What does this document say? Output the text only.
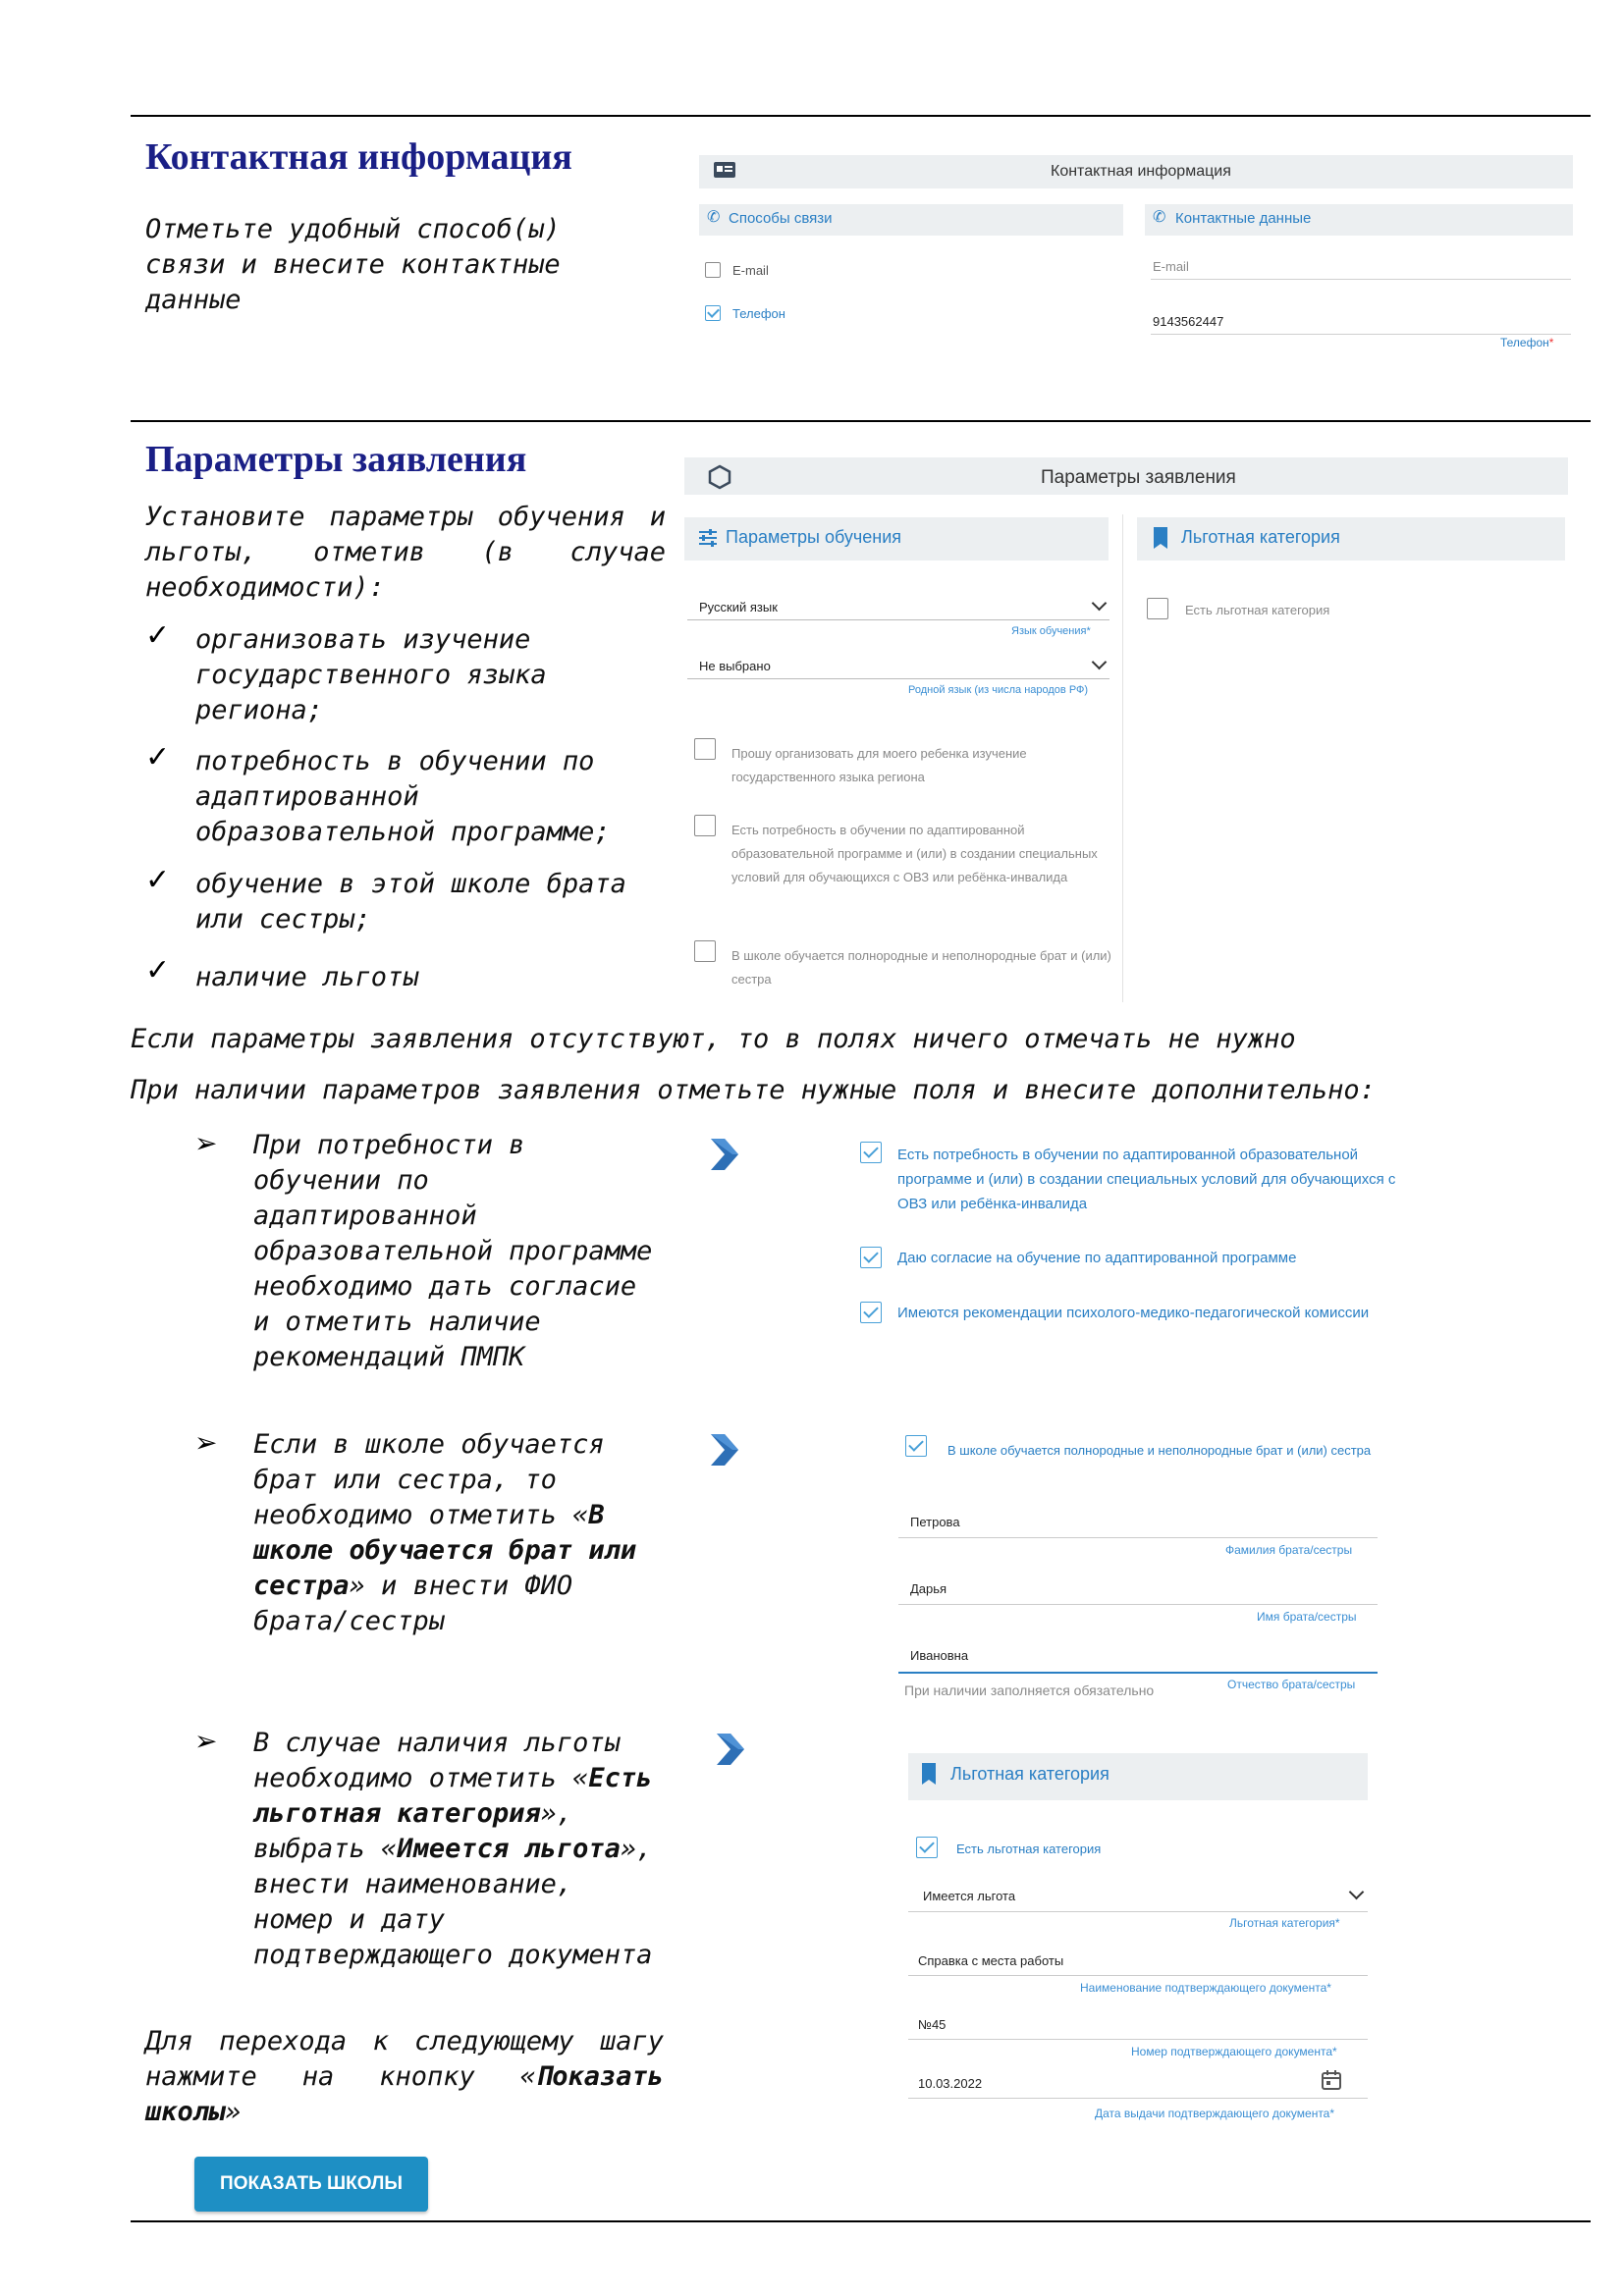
Контактная информация
Отметьте удобный способ(ы) связи и внесите контактные данные
Контактная информация
✆ Способы связи	✆ Контактные данные
E-mail
Телефон
E-mail
9143562447
Телефон*
Параметры заявления
Установите параметры обучения и льготы, отметив (в случае необходимости):
✓ организовать изучение государственного языка региона;
✓ потребность в обучении по адаптированной образовательной программе;
✓ обучение в этой школе брата или сестры;
✓ наличие льготы
Параметры заявления
Параметры обучения	Льготная категория
Русский язык
Язык обучения*
Не выбрано
Родной язык (из числа народов РФ)
Прошу организовать для моего ребенка изучение государственного языка региона
Есть потребность в обучении по адаптированной образовательной программе и (или) в создании специальных условий для обучающихся с ОВЗ или ребёнка-инвалида
В школе обучается полнородные и неполнородные брат и (или) сестра
Есть льготная категория
Если параметры заявления отсутствуют, то в полях ничего отмечать не нужно
При наличии параметров заявления отметьте нужные поля и внесите дополнительно:
➢ При потребности в обучении по адаптированной образовательной программе необходимо дать согласие и отметить наличие рекомендаций ПМПК
Есть потребность в обучении по адаптированной образовательной программе и (или) в создании специальных условий для обучающихся с ОВЗ или ребёнка-инвалида
Даю согласие на обучение по адаптированной программе
Имеются рекомендации психолого-медико-педагогической комиссии
➢ Если в школе обучается брат или сестра, то необходимо отметить «В школе обучается брат или сестра» и внести ФИО брата/сестры
В школе обучается полнородные и неполнородные брат и (или) сестра
Петрова
Фамилия брата/сестры
Дарья
Имя брата/сестры
Ивановна
При наличии заполняется обязательно	Отчество брата/сестры
➢ В случае наличия льготы необходимо отметить «Есть льготная категория», выбрать «Имеется льгота», внести наименование, номер и дату подтверждающего документа
Льготная категория
Есть льготная категория
Имеется льгота
Льготная категория*
Справка с места работы
Наименование подтверждающего документа*
№45
Номер подтверждающего документа*
10.03.2022
Дата выдачи подтверждающего документа*
Для перехода к следующему шагу нажмите на кнопку «Показать школы»
ПОКАЗАТЬ ШКОЛЫ
